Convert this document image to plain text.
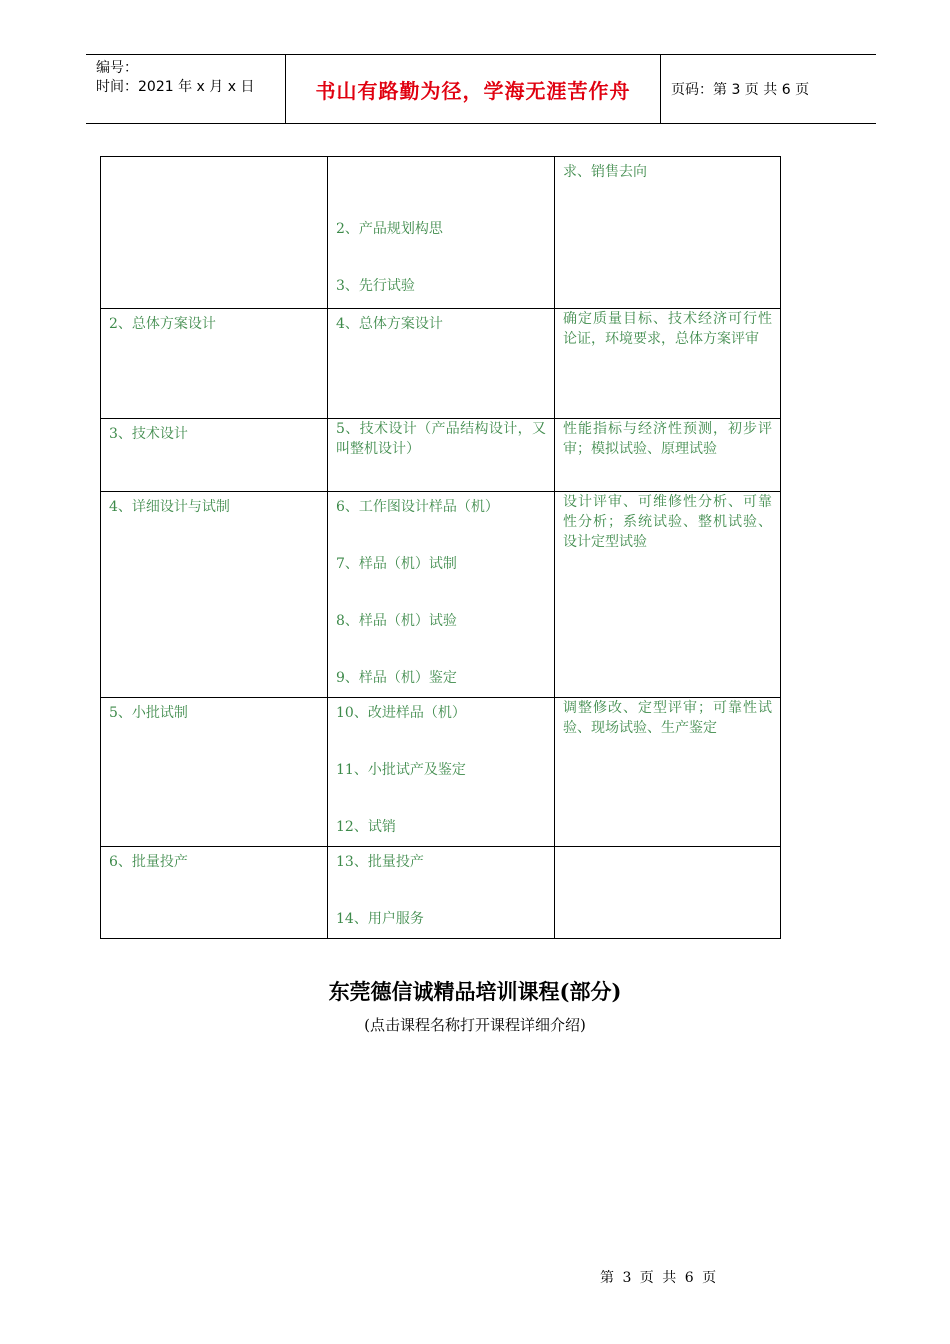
编号：
时间：2021 年 x 月 x 日	书山有路勤为径，学海无涯苦作舟	页码：第 3 页 共 6 页

	2、产品规划构思
3、先行试验	求、销售去向
2、总体方案设计	4、总体方案设计	确定质量目标、技术经济可行性论证，环境要求，总体方案评审
3、技术设计	5、技术设计（产品结构设计，又叫整机设计）	性能指标与经济性预测，初步评审；模拟试验、原理试验
4、详细设计与试制	6、工作图设计样品（机）
7、样品（机）试制
8、样品（机）试验
9、样品（机）鉴定	设计评审、可维修性分析、可靠性分析；系统试验、整机试验、设计定型试验
5、小批试制	10、改进样品（机）
11、小批试产及鉴定
12、试销	调整修改、定型评审；可靠性试验、现场试验、生产鉴定
6、批量投产	13、批量投产
14、用户服务	

东莞德信诚精品培训课程(部分)
(点击课程名称打开课程详细介绍)
第 3 页 共 6 页
